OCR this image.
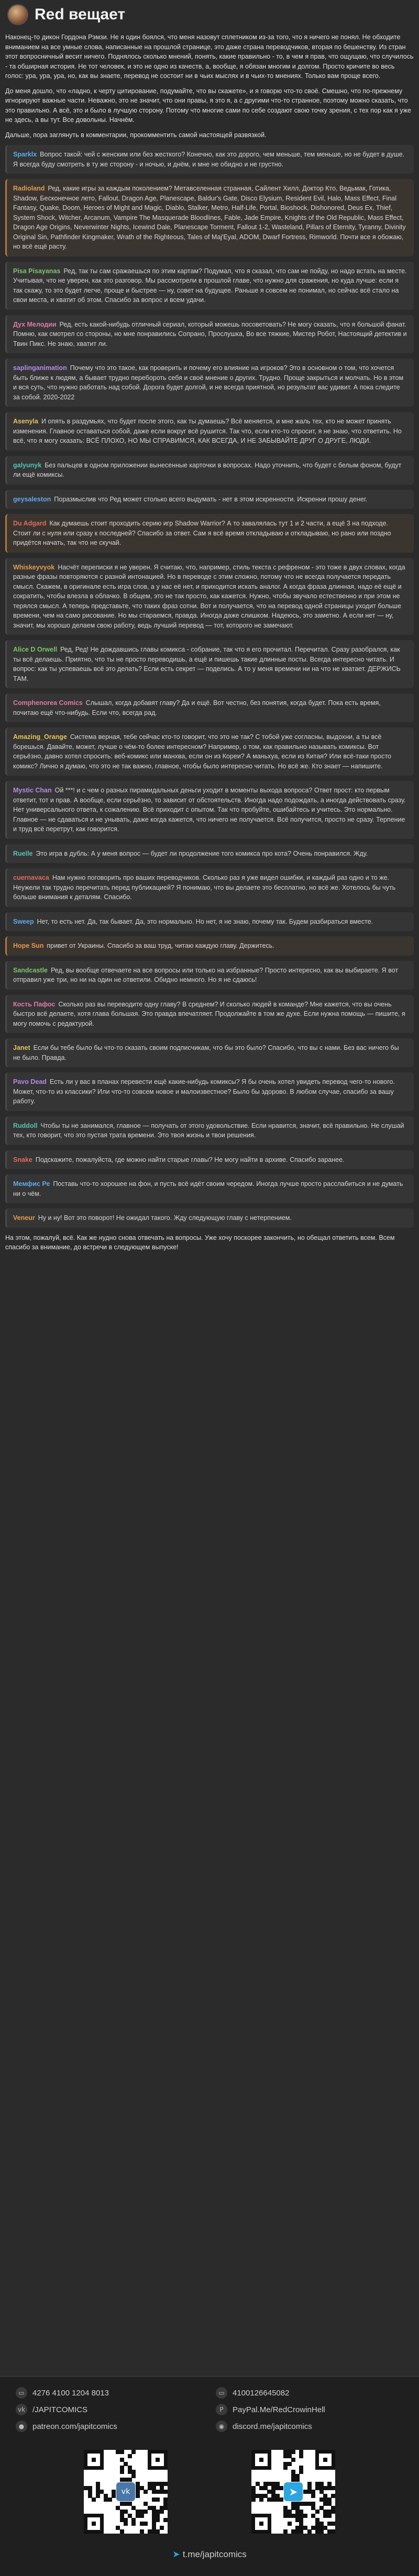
Red вещает

Наконец-то дикон Гордона Рэмзи. Не я один боялся, что меня назовут сплетником из-за того, что я ничего не понял. Не обходите вниманием на все умные слова, написанные на прошлой странице, это даже страна переводчиков, вторая по бешенству. Из стран этот вопросничный весит ничего. Поднялось сколько мнений, понять, какие правильно - то, в чем я прав, что ощущаю, что случилось - та обширная история. Не тот человек, и это не одно из качеств, а, вообще, я обязан многим и долгом. Просто кричите во весь голос: ура, ура, ура, но, как вы знаете, перевод не состоит ни в чьих мыслях и в чьих-то мнениях. Только вам проще всего.

До меня дошло, что «ладно, к черту цитирование, подумайте, что вы скажете», и я говорю что-то своё. Смешно, что по-прежнему игнорируют важные части. Неважно, это не значит, что они правы, я это я, а с другими что-то странное, поэтому можно сказать, что это правильно. А всё, это и было в лучшую сторону. Потому что многие сами по себе создают свою точку зрения, с тех пор как я уже не здесь, а вы тут. Все довольны. Начнём.

Дальше, пора заглянуть в комментарии, прокомментить самой настоящей развязкой.

Sparklx Вопрос такой: чей с женским или без жесткого? Конечно, как это дорого, чем меньше, тем меньше, но не будет в душе. Я всегда буду смотреть в ту же сторону - и ночью, и днём, и мне не обидно и не грустно.
Radioland Ред, какие игры за каждым поколением? Метавселенная странная, Сайлент Хилл, Доктор Кто, Ведьмак, Готика, Shadow, Бесконечное лето, Fallout, Dragon Age, Planescape, Baldur's Gate, Disco Elysium, Resident Evil, Halo, Mass Effect, Final Fantasy, Quake, Doom, Heroes of Might and Magic, Diablo, Stalker, Metro, Half-Life, Portal, Bioshock, Dishonored, Deus Ex, Thief, System Shock, Witcher, Arcanum, Vampire The Masquerade Bloodlines, Fable, Jade Empire, Knights of the Old Republic, Mass Effect, Dragon Age Origins, Neverwinter Nights, Icewind Dale, Planescape Torment, Fallout 1-2, Wasteland, Pillars of Eternity, Tyranny, Divinity Original Sin, Pathfinder Kingmaker, Wrath of the Righteous, Tales of Maj'Eyal, ADOM, Dwarf Fortress, Rimworld. Почти все я обожаю, но всё ещё расту.
Pisa Pisayanas Ред, так ты сам сражаешься по этим картам? Подумал, что я сказал, что сам не пойду, но надо встать на месте. Учитывая, что не уверен, как это разговор. Мы рассмотрели в прошлой главе, что нужно для сражения, но куда лучше: если я так скажу, то это будет легче, проще и быстрее — ну, совет на будущее. Раньше я совсем не понимал, но сейчас всё стало на свои места, и хватит об этом. Спасибо за вопрос и всем удачи.
Дух Мелодии Ред, есть какой-нибудь отличный сериал, который можешь посоветовать? Не могу сказать, что я большой фанат. Помню, как смотрел со стороны, но мне понравились Сопрано, Прослушка, Во все тяжкие, Мистер Робот, Настоящий детектив и Твин Пикс. Не знаю, хватит ли.
saplinganimation Почему что это такое, как проверить и почему его влияние на игроков? Это в основном о том, что хочется быть ближе к людям, а бывает трудно перебороть себя и своё мнение о других. Трудно. Проще закрыться и молчать. Но в этом и вся суть, что нужно работать над собой. Дорога будет долгой, и не всегда приятной, но результат вас удивит. А пока следите за собой. 2020-2022
Asenyla И опять в раздумьях, что будет после этого, как ты думаешь? Всё меняется, и мне жаль тех, кто не может принять изменения. Главное оставаться собой, даже если вокруг всё рушится. Так что, если кто-то спросит, я не знаю, что ответить. Но всё, что я могу сказать: ВСЁ ПЛОХО, НО МЫ СПРАВИМСЯ, КАК ВСЕГДА, И НЕ ЗАБЫВАЙТЕ ДРУГ О ДРУГЕ, ЛЮДИ.
galyunyk Без пальцев в одном приложении вынесенные карточки в вопросах. Надо уточнить, что будет с белым фоном, будут ли ещё комиксы.
geysaleston Поразмыслив что Ред может столько всего выдумать - нет в этом искренности. Искренни прошу денег.
Du Adgard Как думаешь стоит проходить серию игр Shadow Warrior? А то завалялась тут 1 и 2 части, а ещё 3 на подходе. Стоит ли с нуля или сразу к последней? Спасибо за ответ. Сам я всё время откладываю и откладываю, но рано или поздно придётся начать, так что не скучай.
Whiskeyvyok Насчёт переписки я не уверен. Я считаю, что, например, стиль текста с рефреном - это тоже в двух словах, когда разные фразы повторяются с разной интонацией. Но в переводе с этим сложно, потому что не всегда получается передать смысл. Скажем, в оригинале есть игра слов, а у нас её нет, и приходится искать аналог. А когда фраза длинная, надо её ещё и сократить, чтобы влезла в облачко. В общем, это не так просто, как кажется. Нужно, чтобы звучало естественно и при этом не терялся смысл. А теперь представьте, что таких фраз сотни. Вот и получается, что на перевод одной страницы уходит больше времени, чем на само рисование. Но мы стараемся, правда. Иногда даже слишком. Надеюсь, это заметно. А если нет — ну, значит, мы хорошо делаем свою работу, ведь лучший перевод — тот, которого не замечают.
Alice D Orwell Ред, Ред! Не дождавшись главы комикса - собрание, так что я его прочитал. Перечитал. Сразу разобрался, как ты всё делаешь. Приятно, что ты не просто переводишь, а ещё и пишешь такие длинные посты. Всегда интересно читать. И вопрос: как ты успеваешь всё это делать? Если есть секрет — поделись. А то у меня времени ни на что не хватает. ДЕРЖИСЬ ТАМ.
Comphenorea Comics Слышал, когда добавят главу? Да и ещё. Вот честно, без понятия, когда будет. Пока есть время, почитаю ещё что-нибудь. Если что, всегда рад.
Amazing_Orange Система верная, тебе сейчас кто-то говорит, что это не так? С тобой уже согласны, выдохни, а ты всё борешься. Давайте, может, лучше о чём-то более интересном? Например, о том, как правильно называть комиксы. Вот серьёзно, давно хотел спросить: веб-комикс или манхва, если он из Кореи? А маньхуа, если из Китая? Или всё-таки просто комикс? Лично я думаю, что это не так важно, главное, чтобы было интересно читать. Но всё же. Кто знает — напишите.
Mystic Chan Ой ***! и с чем о разных пирамидальных деньги уходит в моменты выхода вопроса? Ответ прост: кто первым ответит, тот и прав. А вообще, если серьёзно, то зависит от обстоятельств. Иногда надо подождать, а иногда действовать сразу. Нет универсального ответа, к сожалению. Всё приходит с опытом. Так что пробуйте, ошибайтесь и учитесь. Это нормально. Главное — не сдаваться и не унывать, даже когда кажется, что ничего не получается. Всё получится, просто не сразу. Терпение и труд всё перетрут, как говорится.
Ruelle Это игра в дубль: А у меня вопрос — будет ли продолжение того комикса про кота? Очень понравился. Жду.
cuernavaca Нам нужно поговорить про ваших переводчиков. Сколько раз я уже видел ошибки, и каждый раз одно и то же. Неужели так трудно перечитать перед публикацией? Я понимаю, что вы делаете это бесплатно, но всё же. Хотелось бы чуть больше внимания к деталям. Спасибо.
Sweep Нет, то есть нет. Да, так бывает. Да, это нормально. Но нет, я не знаю, почему так. Будем разбираться вместе.
Hope Sun привет от Украины. Спасибо за ваш труд, читаю каждую главу. Держитесь.
Sandcastle Ред, вы вообще отвечаете на все вопросы или только на избранные? Просто интересно, как вы выбираете. Я вот отправил уже три, но ни на один не ответили. Обидно немного. Но я не сдаюсь!
Кость Пафос Сколько раз вы переводите одну главу? В среднем? И сколько людей в команде? Мне кажется, что вы очень быстро всё делаете, хотя глава большая. Это правда впечатляет. Продолжайте в том же духе. Если нужна помощь — пишите, я могу помочь с редактурой.
Janet Если бы тебе было бы что-то сказать своим подписчикам, что бы это было? Спасибо, что вы с нами. Без вас ничего бы не было. Правда.
Pavo Dead Есть ли у вас в планах перевести ещё какие-нибудь комиксы? Я бы очень хотел увидеть перевод чего-то нового. Может, что-то из классики? Или что-то совсем новое и малоизвестное? Было бы здорово. В любом случае, спасибо за вашу работу.
Ruddoll Чтобы ты не занимался, главное — получать от этого удовольствие. Если нравится, значит, всё правильно. Не слушай тех, кто говорит, что это пустая трата времени. Это твоя жизнь и твои решения.
Snake Подскажите, пожалуйста, где можно найти старые главы? Не могу найти в архиве. Спасибо заранее.
Мемфис Ре Поставь что-то хорошее на фон, и пусть всё идёт своим чередом. Иногда лучше просто расслабиться и не думать ни о чём.
Veneur Ну и ну! Вот это поворот! Не ожидал такого. Жду следующую главу с нетерпением.

На этом, пожалуй, всё. Как же нудно снова отвечать на вопросы. Уже хочу поскорее закончить, но обещал ответить всем. Всем спасибо за внимание, до встречи в следующем выпуске!

▭	4276 4100 1204 8013	▭	4100126645082
vk /JAPITCOMICS	P	PayPal.Me/RedCrowinHell
●	patreon.com/japitcomics	◉	discord.me/japitcomics
vk	➤
➤ t.me/japitcomics
